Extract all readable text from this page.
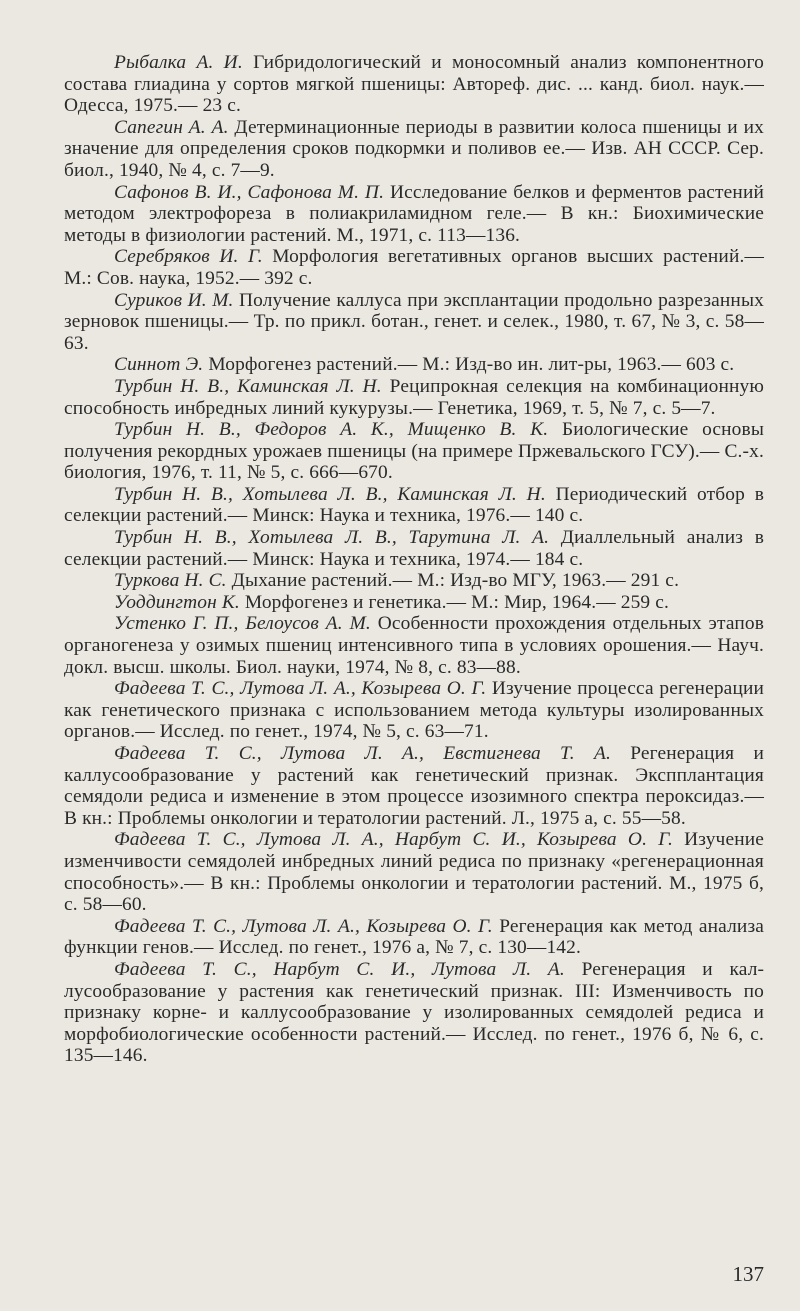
Рыбалка А. И. Гибридологический и моносомный анализ компонентного состава глиадина у сортов мягкой пшеницы: Автореф. дис. ... канд. биол. наук.— Одесса, 1975.— 23 с.

Сапегин А. А. Детерминационные периоды в развитии колоса пшеницы и их значение для определения сроков подкормки и поливов ее.— Изв. АН СССР. Сер. биол., 1940, № 4, с. 7—9.

Сафонов В. И., Сафонова М. П. Исследование белков и ферментов растений методом электрофореза в полиакриламидном геле.— В кн.: Биохимические методы в физиологии растений. М., 1971, с. 113—136.

Серебряков И. Г. Морфология вегетативных органов высших растений.— М.: Сов. наука, 1952.— 392 с.

Суриков И. М. Получение каллуса при эксплантации продольно разрезанных зерновок пшеницы.— Тр. по прикл. ботан., генет. и селек., 1980, т. 67, № 3, с. 58—63.

Синнот Э. Морфогенез растений.— М.: Изд-во ин. лит-ры, 1963.— 603 с.

Турбин Н. В., Каминская Л. Н. Реципрокная селекция на комбинационную способность инбредных линий кукурузы.— Генетика, 1969, т. 5, № 7, с. 5—7.

Турбин Н. В., Федоров А. К., Мищенко В. К. Биологические основы получения рекордных урожаев пшеницы (на примере Пржевальского ГСУ).— С.-х. биология, 1976, т. 11, № 5, с. 666—670.

Турбин Н. В., Хотылева Л. В., Каминская Л. Н. Периодический отбор в селекции растений.— Минск: Наука и техника, 1976.— 140 с.

Турбин Н. В., Хотылева Л. В., Тарутина Л. А. Диаллельный анализ в селекции растений.— Минск: Наука и техника, 1974.— 184 с.

Туркова Н. С. Дыхание растений.— М.: Изд-во МГУ, 1963.— 291 с.

Уоддингтон К. Морфогенез и генетика.— М.: Мир, 1964.— 259 с.

Устенко Г. П., Белоусов А. М. Особенности прохождения отдельных этапов органогенеза у озимых пшениц интенсивного типа в условиях орошения.— Науч. докл. высш. школы. Биол. науки, 1974, № 8, с. 83—88.

Фадеева Т. С., Лутова Л. А., Козырева О. Г. Изучение процесса регенерации как генетического признака с использованием метода культуры изолированных органов.— Исслед. по генет., 1974, № 5, с. 63—71.

Фадеева Т. С., Лутова Л. А., Евстигнева Т. А. Регенерация и каллусообразование у растений как генетический признак. Экспплантация семядоли редиса и изменение в этом процессе изозимного спектра пероксидаз.— В кн.: Проблемы онкологии и тератологии растений. Л., 1975 а, с. 55—58.

Фадеева Т. С., Лутова Л. А., Нарбут С. И., Козырева О. Г. Изучение изменчивости семядолей инбредных линий редиса по признаку «регенерационная способность».— В кн.: Проблемы онкологии и тератологии растений. М., 1975 б, с. 58—60.

Фадеева Т. С., Лутова Л. А., Козырева О. Г. Регенерация как метод анализа функции генов.— Исслед. по генет., 1976 а, № 7, с. 130—142.

Фадеева Т. С., Нарбут С. И., Лутова Л. А. Регенерация и каллусообразование у растения как генетический признак. III: Изменчивость по признаку корне- и каллусообразование у изолированных семядолей редиса и морфобиологические особенности растений.— Исслед. по генет., 1976 б, № 6, с. 135—146.

137
